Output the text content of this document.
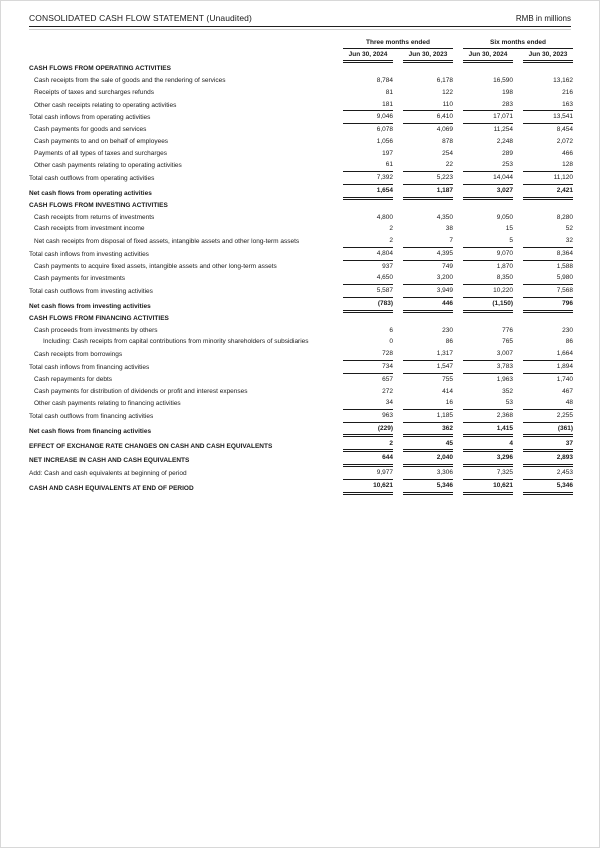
CONSOLIDATED CASH FLOW STATEMENT (Unaudited)	RMB in millions
	Three months ended		Six months ended	
	Jun 30, 2024	Jun 30, 2023	Jun 30, 2024	Jun 30, 2023
CASH FLOWS FROM OPERATING ACTIVITIES				
Cash receipts from the sale of goods and the rendering of services	8,784	6,178	16,590	13,162
Receipts of taxes and surcharges refunds	81	122	198	216
Other cash receipts relating to operating activities	181	110	283	163
Total cash inflows from operating activities	9,046	6,410	17,071	13,541
Cash payments for goods and services	6,078	4,069	11,254	8,454
Cash payments to and on behalf of employees	1,056	878	2,248	2,072
Payments of all types of taxes and surcharges	197	254	289	466
Other cash payments relating to operating activities	61	22	253	128
Total cash outflows from operating activities	7,392	5,223	14,044	11,120
Net cash flows from operating activities	1,654	1,187	3,027	2,421
CASH FLOWS FROM INVESTING ACTIVITIES				
Cash receipts from returns of investments	4,800	4,350	9,050	8,280
Cash receipts from investment income	2	38	15	52
Net cash receipts from disposal of fixed assets, intangible assets and other long-term assets	2	7	5	32
Total cash inflows from investing activities	4,804	4,395	9,070	8,364
Cash payments to acquire fixed assets, intangible assets and other long-term assets	937	749	1,870	1,588
Cash payments for investments	4,650	3,200	8,350	5,980
Total cash outflows from investing activities	5,587	3,949	10,220	7,568
Net cash flows from investing activities	(783)	446	(1,150)	796
CASH FLOWS FROM FINANCING ACTIVITIES				
Cash proceeds from investments by others	6	230	776	230
Including: Cash receipts from capital contributions from minority shareholders of subsidiaries	0	86	765	86
Cash receipts from borrowings	728	1,317	3,007	1,664
Total cash inflows from financing activities	734	1,547	3,783	1,894
Cash repayments for debts	657	755	1,963	1,740
Cash payments for distribution of dividends or profit and interest expenses	272	414	352	467
Other cash payments relating to financing activities	34	16	53	48
Total cash outflows from financing activities	963	1,185	2,368	2,255
Net cash flows from financing activities	(229)	362	1,415	(361)
EFFECT OF EXCHANGE RATE CHANGES ON CASH AND CASH EQUIVALENTS	2	45	4	37
NET INCREASE IN CASH AND CASH EQUIVALENTS	644	2,040	3,296	2,893
Add: Cash and cash equivalents at beginning of period	9,977	3,306	7,325	2,453
CASH AND CASH EQUIVALENTS AT END OF PERIOD	10,621	5,346	10,621	5,346
